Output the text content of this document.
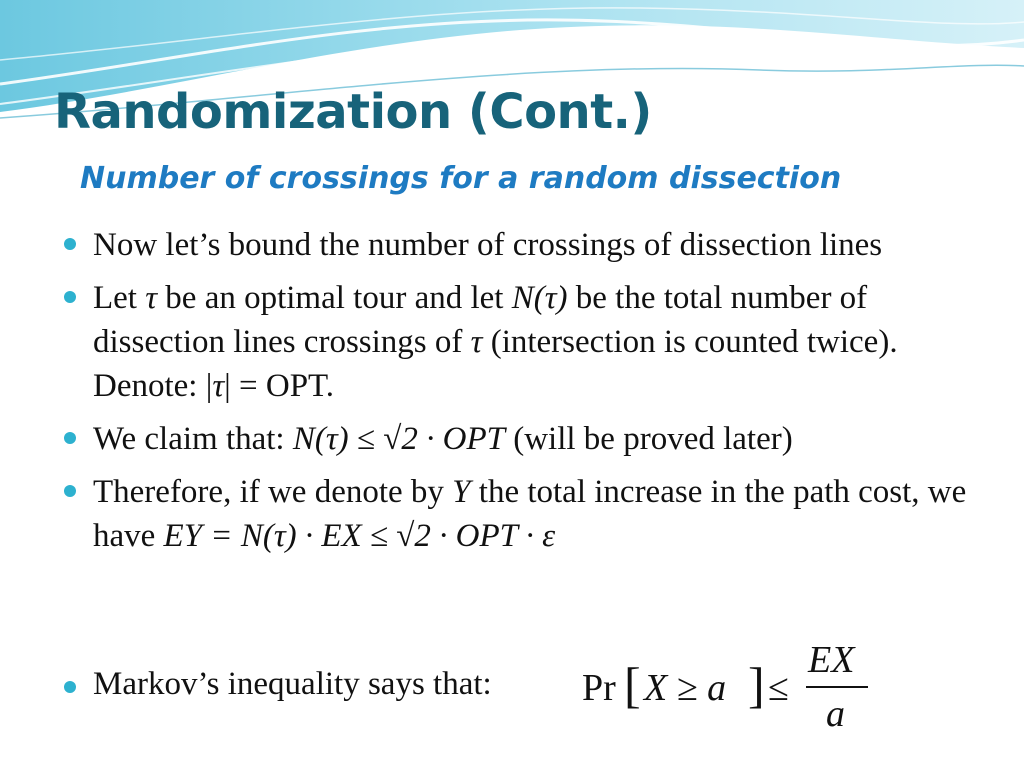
Randomization (Cont.)
Number of crossings for a random dissection
Now let’s bound the number of crossings of dissection lines
Let τ be an optimal tour and let N(τ) be the total number of dissection lines crossings of τ (intersection is counted twice). Denote: |τ| = OPT.
We claim that: N(τ) ≤ √2 · OPT (will be proved later)
Therefore, if we denote by Y the total increase in the path cost, we have EY = N(τ) · EX ≤ √2 · OPT · ε
Markov’s inequality says that: Pr [ X ≥ a ] ≤
EX
a
